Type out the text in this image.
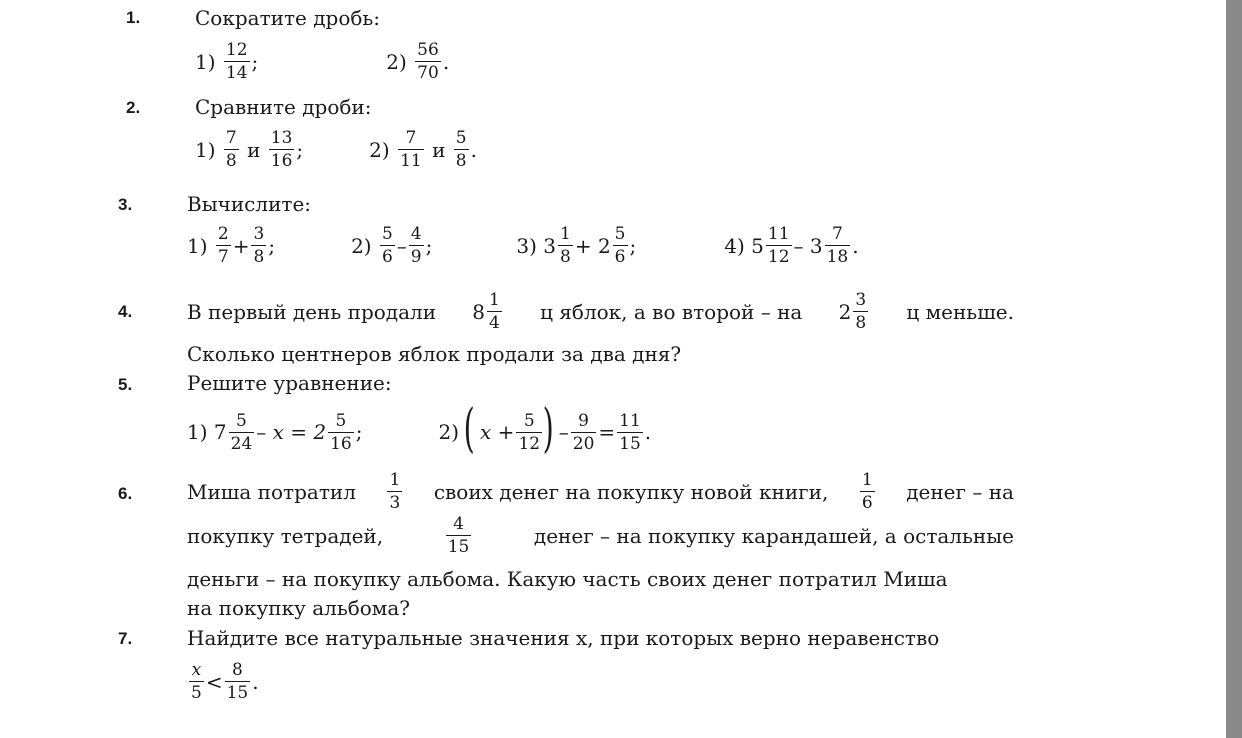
1.	Сократите дробь:
$1) \frac{12}{14}$ ;	$2) \frac{56}{70}$ .
2.	Сравните дроби:
$1) \frac{7}{8}$
и
$\frac{13}{16}$ ;	$2) \frac{7}{11}$
и
$\frac{5}{8}$ .
3.	Вычислите:
$1) \frac{2}{7} + \frac{3}{8}$ ;	$2) \frac{5}{6} - \frac{4}{9}$ ;	3) $3 \frac{1}{8} + 2 \frac{5}{6}$ ;	4) $5 \frac{11}{12} - 3 \frac{7}{18}$ .
4.	В первый день продали $8 \frac{1}{4}$ ц яблок, а во второй – на $2 \frac{3}{8}$ ц меньше.
Сколько центнеров яблок продали за два дня?
5.	Решите уравнение:
1) $7 \frac{5}{24} - x = 2 \frac{5}{16}$ ;	2)
(
$x + \frac{5}{12}$ )
– $\frac{9}{20} = \frac{11}{15}$ .
6.	Миша потратил $\frac{1}{3}$ своих денег на покупку новой книги, $\frac{1}{6}$ денег – на
покупку тетрадей,	$\frac{4}{15}$	денег – на покупку карандашей, а остальные
деньги – на покупку альбома. Какую часть своих денег потратил Миша
на покупку альбома?
7.	Найдите все натуральные значения x, при которых верно неравенство
$\frac{x}{5} < \frac{8}{15}$ .
